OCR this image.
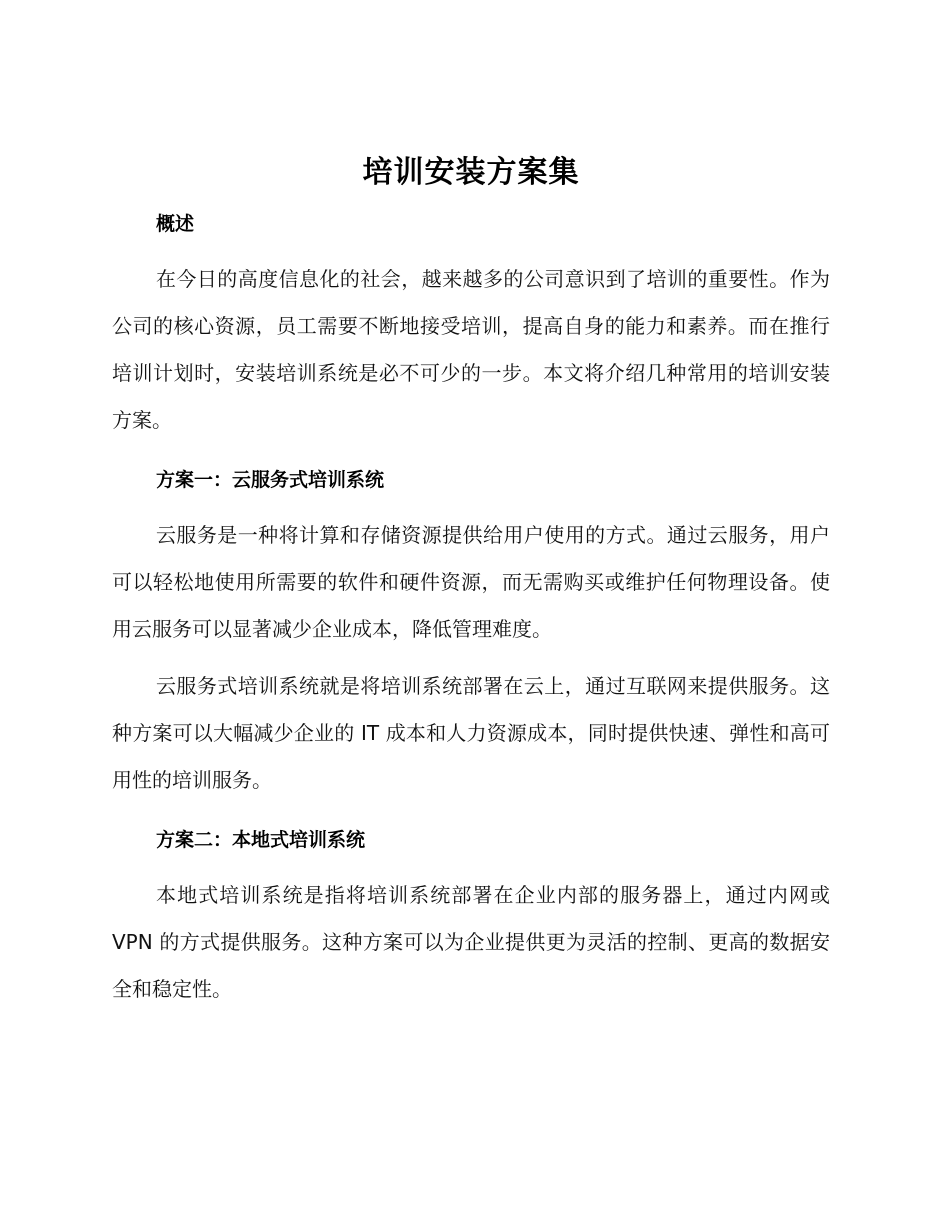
培训安装方案集
概述

在今日的高度信息化的社会，越来越多的公司意识到了培训的重要性。作为公司的核心资源，员工需要不断地接受培训，提高自身的能力和素养。而在推行培训计划时，安装培训系统是必不可少的一步。本文将介绍几种常用的培训安装方案。

方案一：云服务式培训系统

云服务是一种将计算和存储资源提供给用户使用的方式。通过云服务，用户可以轻松地使用所需要的软件和硬件资源，而无需购买或维护任何物理设备。使用云服务可以显著减少企业成本，降低管理难度。

云服务式培训系统就是将培训系统部署在云上，通过互联网来提供服务。这种方案可以大幅减少企业的 IT 成本和人力资源成本，同时提供快速、弹性和高可用性的培训服务。

方案二：本地式培训系统

本地式培训系统是指将培训系统部署在企业内部的服务器上，通过内网或 VPN 的方式提供服务。这种方案可以为企业提供更为灵活的控制、更高的数据安全和稳定性。
